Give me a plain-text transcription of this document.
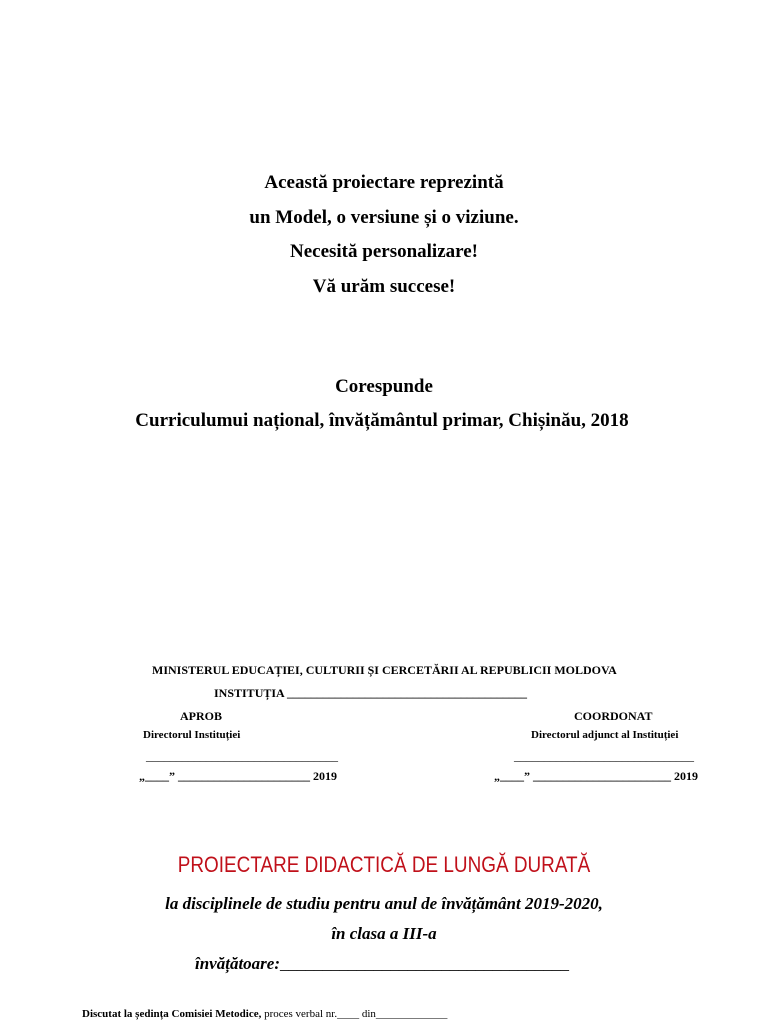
Această proiectare reprezintă
un Model, o versiune și o viziune.
Necesită personalizare!
Vă urăm succese!
Corespunde
Curriculumui național, învățământul primar, Chișinău, 2018
MINISTERUL EDUCAȚIEI, CULTURII ȘI CERCETĂRII AL REPUBLICII MOLDOVA
INSTITUȚIA ________________________________________
APROB
Directorul Instituției
________________________________
„____” ______________________ 2019
COORDONAT
Directorul adjunct al Instituției
______________________________
„____” _______________________ 2019
PROIECTARE DIDACTICĂ DE LUNGĂ DURATĂ
la disciplinele de studiu pentru anul de învățământ 2019-2020,
în clasa a III-a
învățătoare:__________________________________
Discutat la ședința Comisiei Metodice, proces verbal nr.____ din_____________
